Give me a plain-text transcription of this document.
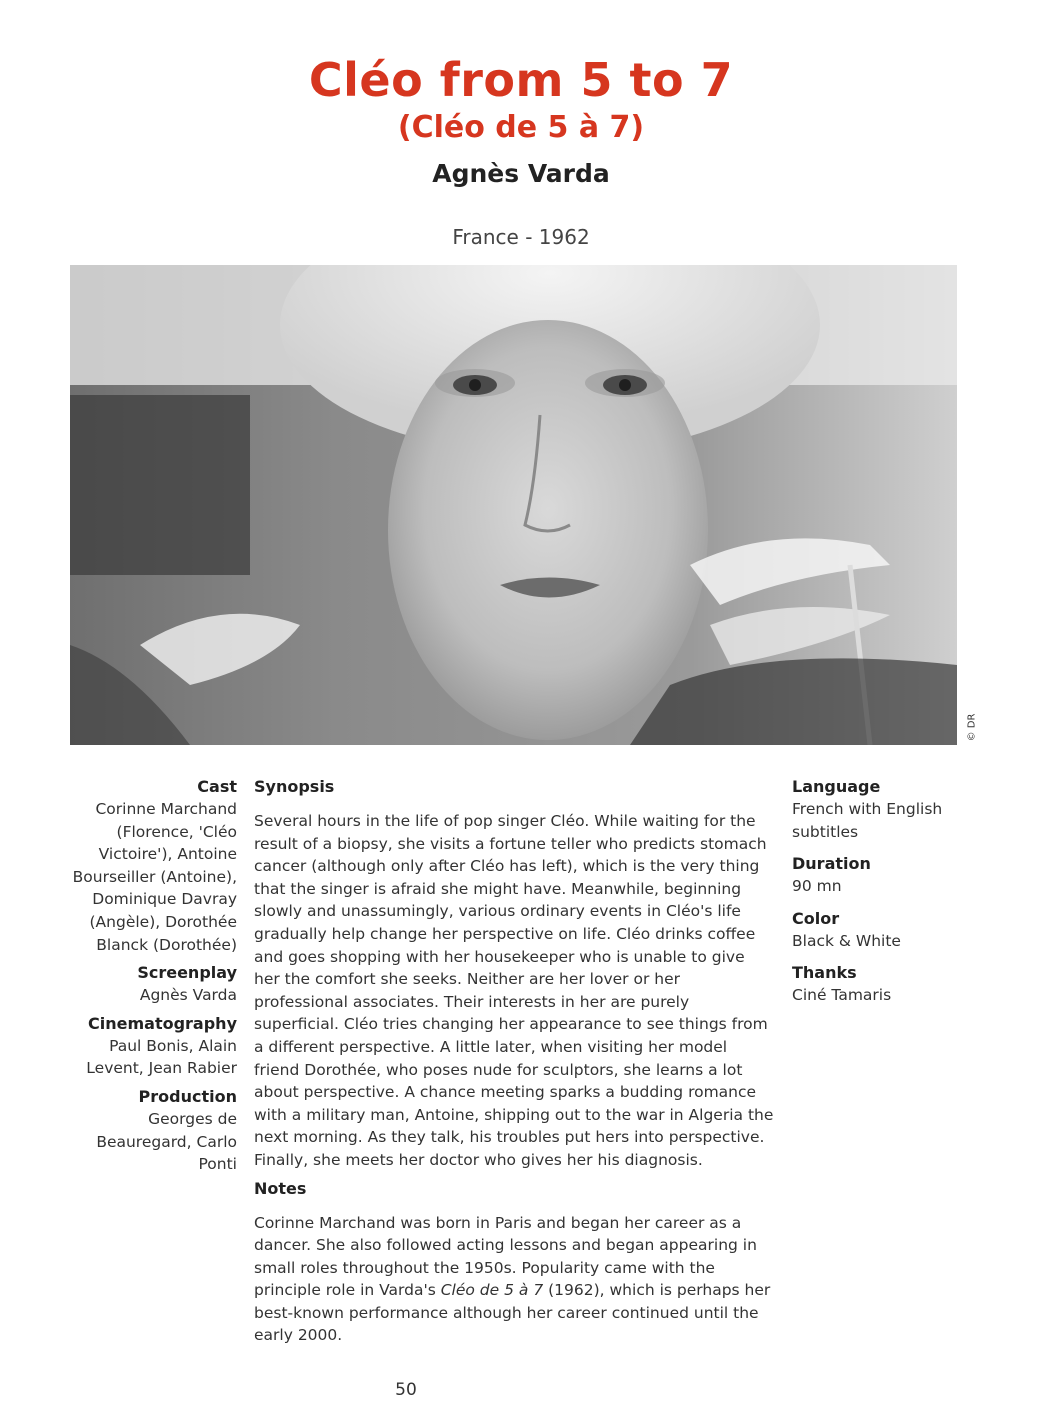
Cléo from 5 to 7
(Cléo de 5 à 7)
Agnès Varda
France - 1962
© DR

Cast

Corinne Marchand (Florence, 'Cléo Victoire'), Antoine Bourseiller (Antoine), Dominique Davray (Angèle), Dorothée Blanck (Dorothée)

Screenplay

Agnès Varda

Cinematography

Paul Bonis, Alain Levent, Jean Rabier

Production

Georges de Beauregard, Carlo Ponti

Synopsis

Several hours in the life of pop singer Cléo. While waiting for the result of a biopsy, she visits a fortune teller who predicts stomach cancer (although only after Cléo has left), which is the very thing that the singer is afraid she might have. Meanwhile, beginning slowly and unassumingly, various ordinary events in Cléo's life gradually help change her perspective on life. Cléo drinks coffee and goes shopping with her housekeeper who is unable to give her the comfort she seeks. Neither are her lover or her professional associates. Their interests in her are purely superficial. Cléo tries changing her appearance to see things from a different perspective. A little later, when visiting her model friend Dorothée, who poses nude for sculptors, she learns a lot about perspective. A chance meeting sparks a budding romance with a military man, Antoine, shipping out to the war in Algeria the next morning. As they talk, his troubles put hers into perspective. Finally, she meets her doctor who gives her his diagnosis.

Notes

Corinne Marchand was born in Paris and began her career as a dancer. She also followed acting lessons and began appearing in small roles throughout the 1950s. Popularity came with the principle role in Varda's Cléo de 5 à 7 (1962), which is perhaps her best-known performance although her career continued until the early 2000.

Language

French with English subtitles

Duration

90 mn

Color

Black & White

Thanks

Ciné Tamaris

50
